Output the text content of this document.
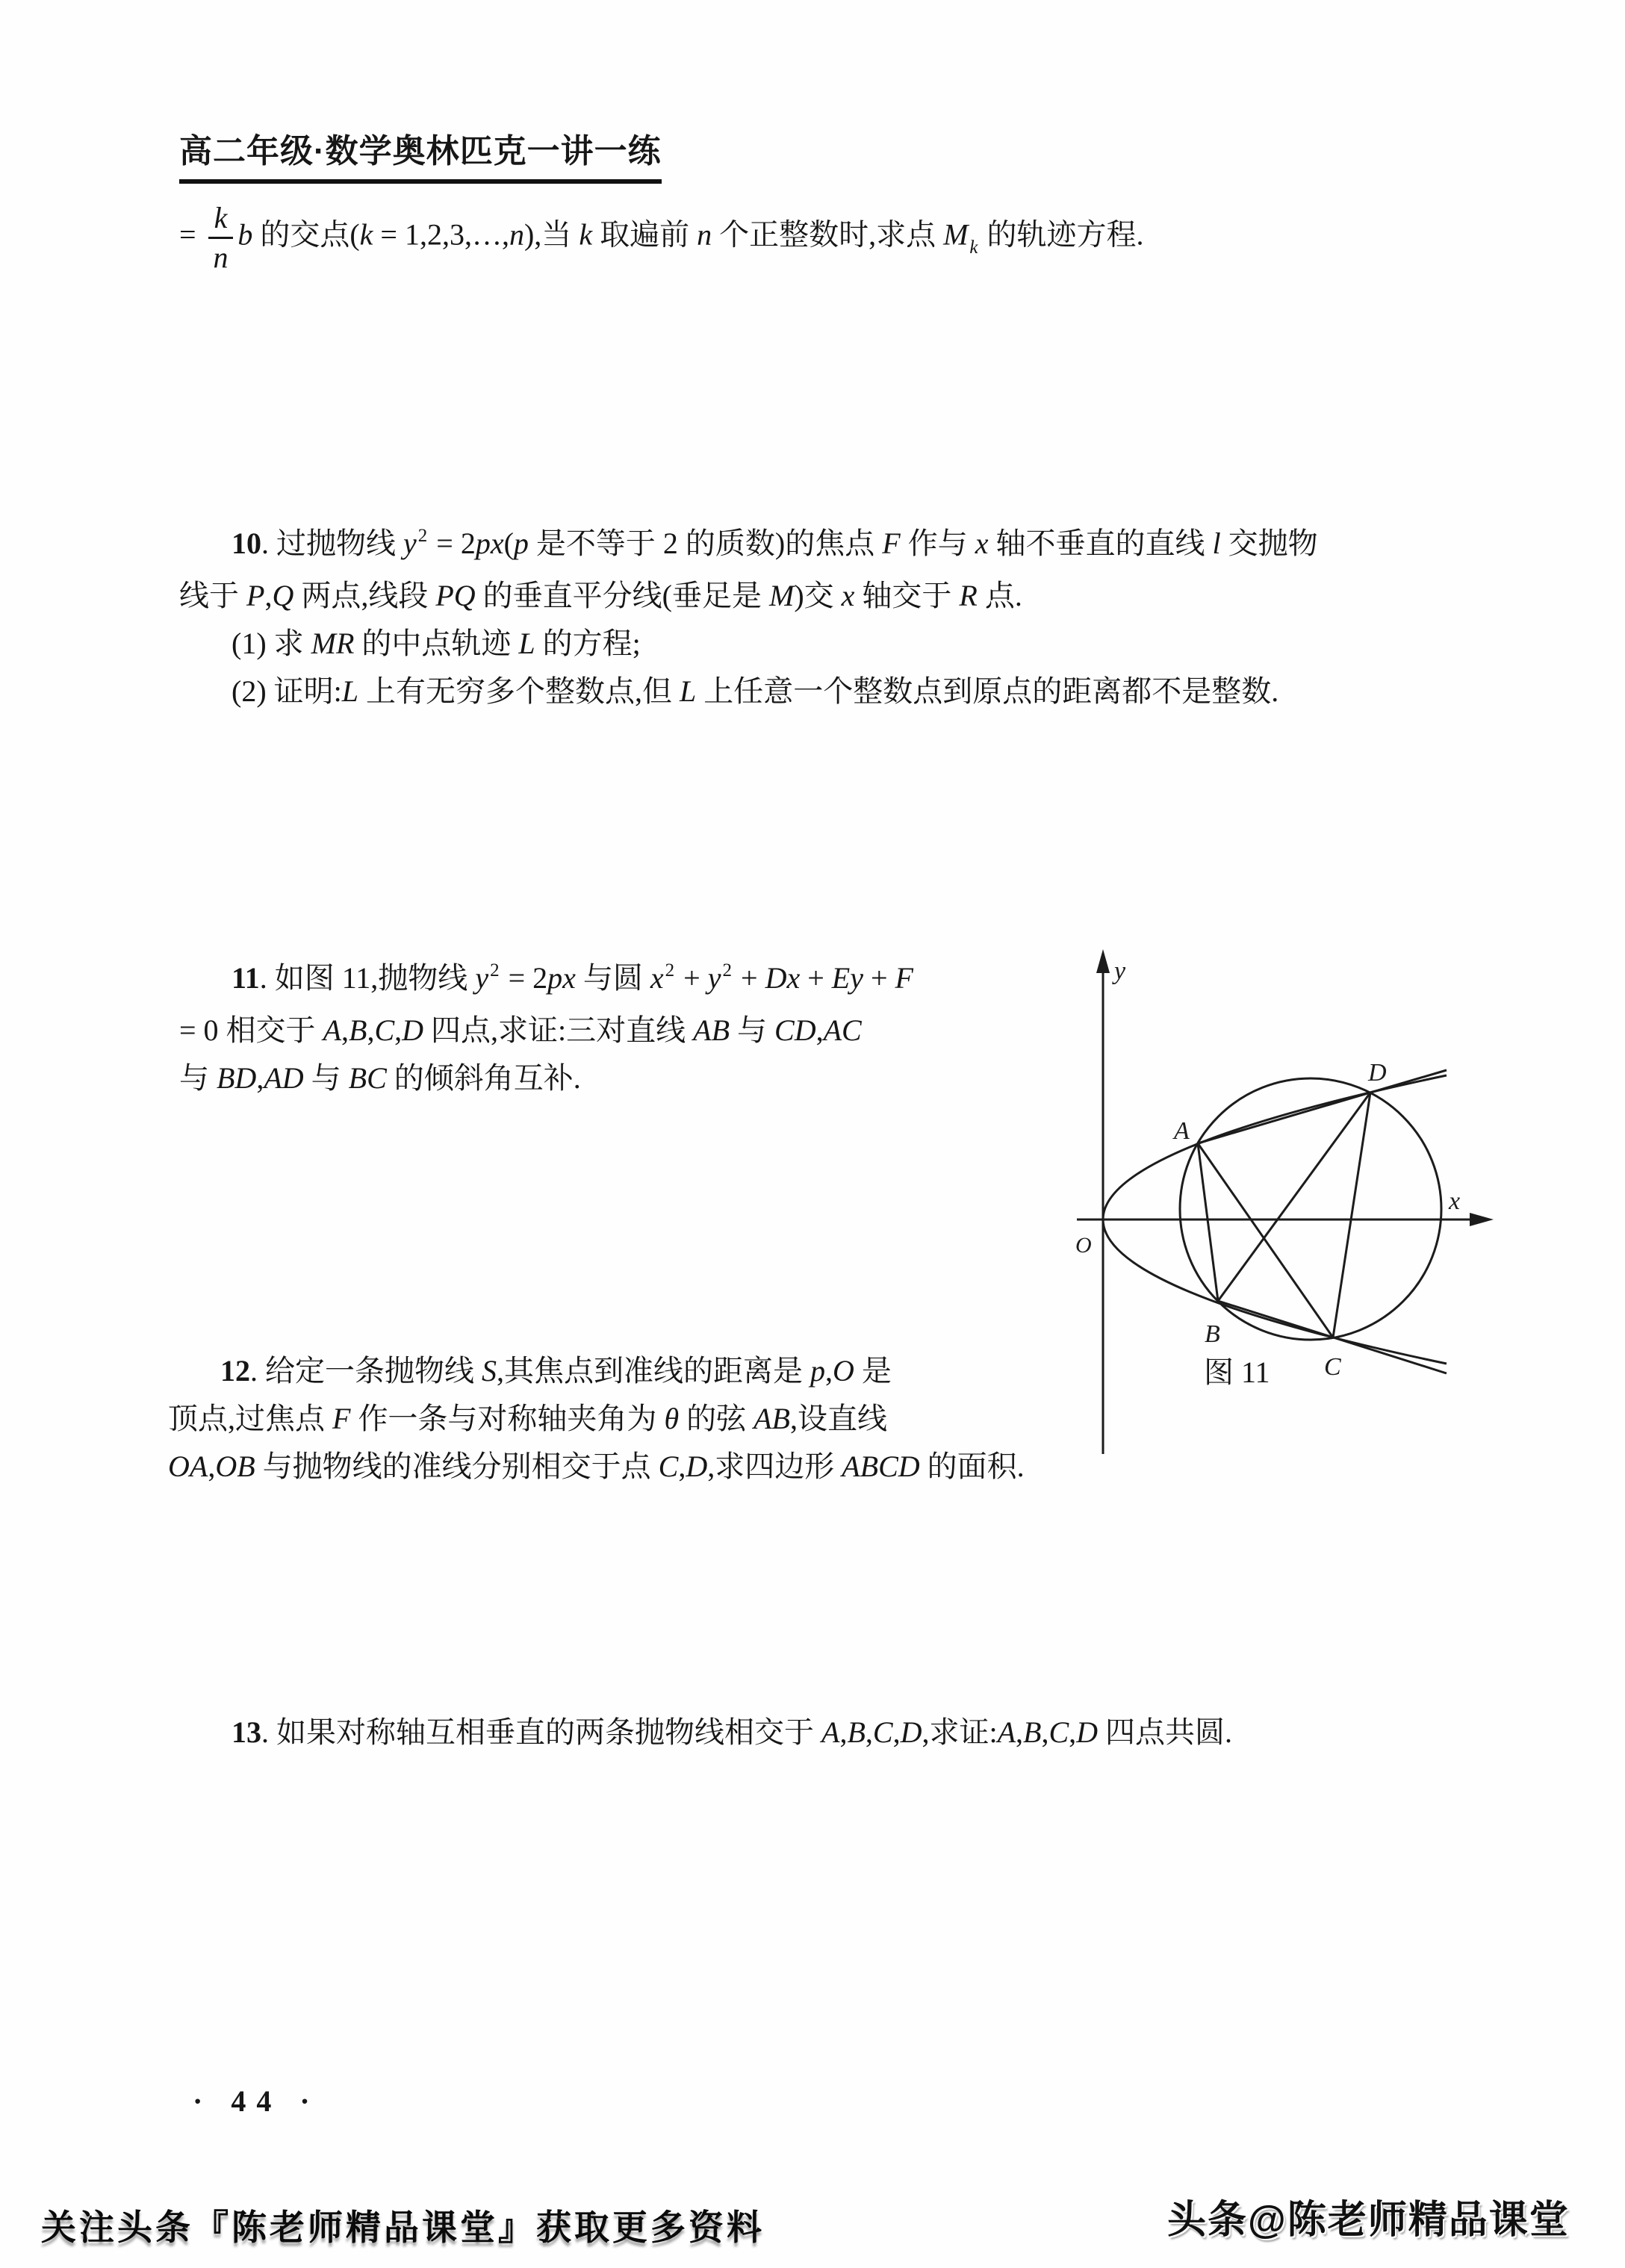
高二年级·数学奥林匹克一讲一练
= $\frac{k}{n}$ b 的交点(k = 1,2,3,…,n),当 k 取遍前 n 个正整数时,求点 $M_k$ 的轨迹方程.
10. 过抛物线 $y^2 = 2px(p$ 是不等于 2 的质数)的焦点 F 作与 x 轴不垂直的直线 l 交抛物
线于 P,Q 两点,线段 PQ 的垂直平分线(垂足是 M)交 x 轴交于 R 点.
(1) 求 MR 的中点轨迹 L 的方程;
(2) 证明:L 上有无穷多个整数点,但 L 上任意一个整数点到原点的距离都不是整数.
11. 如图 11,抛物线 $y^2 = 2px$ 与圆 $x^2 + y^2 + Dx + Ey + F$
= 0 相交于 A,B,C,D 四点,求证:三对直线 AB 与 CD,AC
与 BD,AD 与 BC 的倾斜角互补.
A
D
B
C
O
x
y
图 11
12. 给定一条抛物线 S,其焦点到准线的距离是 p,O 是
顶点,过焦点 F 作一条与对称轴夹角为 θ 的弦 AB,设直线
OA,OB 与抛物线的准线分别相交于点 C,D,求四边形 ABCD 的面积.
13. 如果对称轴互相垂直的两条抛物线相交于 A,B,C,D,求证:A,B,C,D 四点共圆.
· 44 ·
关注头条『陈老师精品课堂』获取更多资料	头条@陈老师精品课堂
